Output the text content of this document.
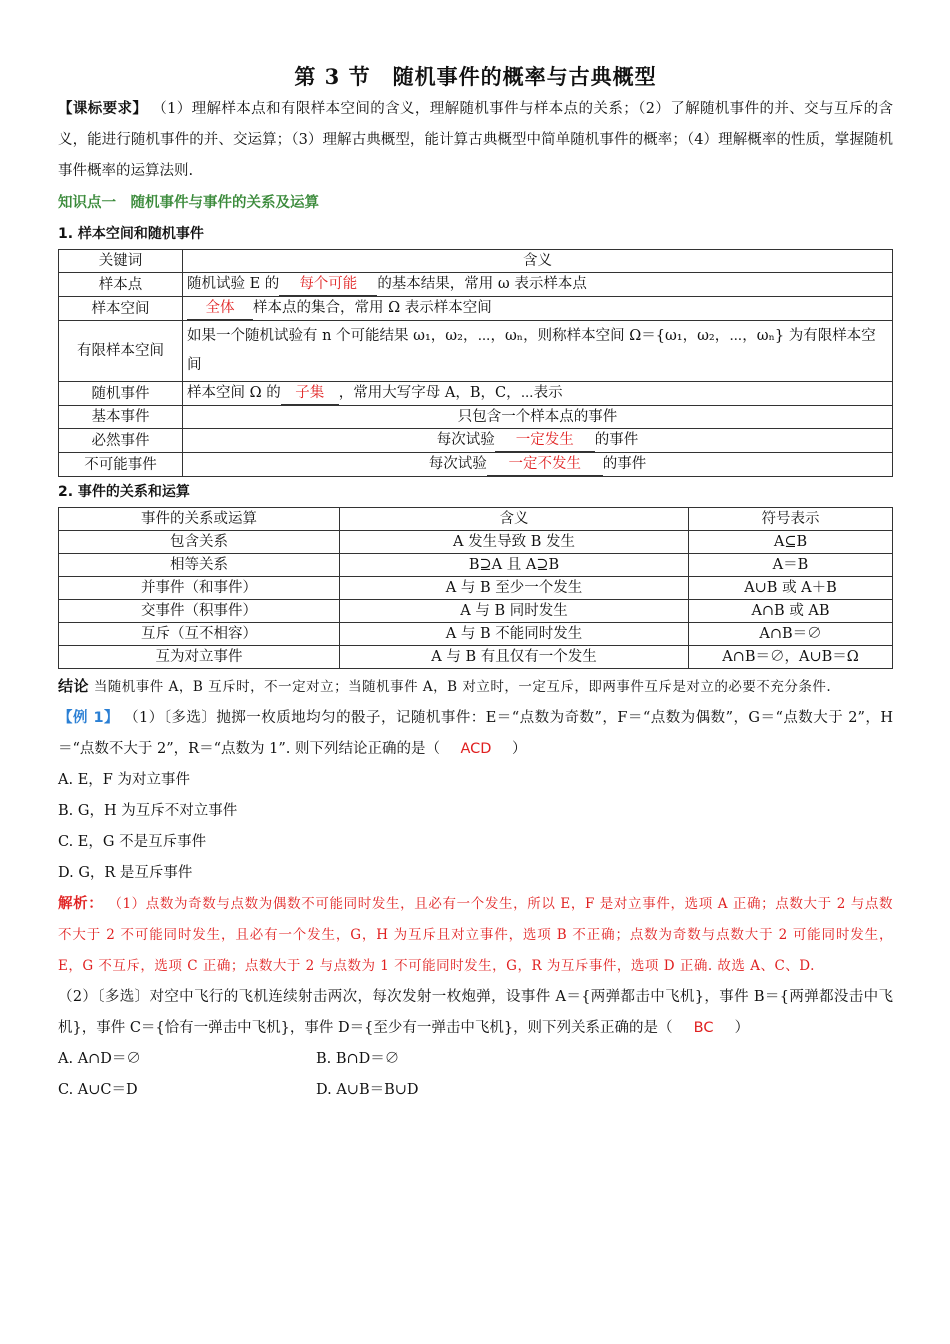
第 3 节　随机事件的概率与古典概型
【课标要求】 （1）理解样本点和有限样本空间的含义，理解随机事件与样本点的关系；（2）了解随机事件的并、交与互斥的含义，能进行随机事件的并、交运算；（3）理解古典概型，能计算古典概型中简单随机事件的概率；（4）理解概率的性质，掌握随机事件概率的运算法则.
知识点一　随机事件与事件的关系及运算
1. 样本空间和随机事件
关键词	含义
样本点	随机试验 E 的 每个可能 的基本结果，常用 ω 表示样本点
样本空间	全体 样本点的集合，常用 Ω 表示样本空间
有限样本空间	如果一个随机试验有 n 个可能结果 ω₁，ω₂，⋯，ωₙ，则称样本空间 Ω＝{ω₁，ω₂，⋯，ωₙ} 为有限样本空间
随机事件	样本空间 Ω 的 子集 ，常用大写字母 A，B，C，⋯表示
基本事件	只包含一个样本点的事件
必然事件	每次试验 一定发生 的事件
不可能事件	每次试验 一定不发生 的事件
2. 事件的关系和运算
事件的关系或运算	含义	符号表示
包含关系	A 发生导致 B 发生	A⊆B
相等关系	B⊇A 且 A⊇B	A＝B
并事件（和事件）	A 与 B 至少一个发生	A∪B 或 A＋B
交事件（积事件）	A 与 B 同时发生	A∩B 或 AB
互斥（互不相容）	A 与 B 不能同时发生	A∩B＝∅
互为对立事件	A 与 B 有且仅有一个发生	A∩B＝∅，A∪B＝Ω
结论 当随机事件 A，B 互斥时，不一定对立；当随机事件 A，B 对立时，一定互斥，即两事件互斥是对立的必要不充分条件.
【例 1】 （1）〔多选〕抛掷一枚质地均匀的骰子，记随机事件：E＝“点数为奇数”，F＝“点数为偶数”，G＝“点数大于 2”，H＝“点数不大于 2”，R＝“点数为 1”. 则下列结论正确的是（ ACD ）
A. E，F 为对立事件
B. G，H 为互斥不对立事件
C. E，G 不是互斥事件
D. G，R 是互斥事件
解析： （1）点数为奇数与点数为偶数不可能同时发生，且必有一个发生，所以 E，F 是对立事件，选项 A 正确；点数大于 2 与点数不大于 2 不可能同时发生，且必有一个发生，G，H 为互斥且对立事件，选项 B 不正确；点数为奇数与点数大于 2 可能同时发生，E，G 不互斥，选项 C 正确；点数大于 2 与点数为 1 不可能同时发生，G，R 为互斥事件，选项 D 正确. 故选 A、C、D.
（2）〔多选〕对空中飞行的飞机连续射击两次，每次发射一枚炮弹，设事件 A＝{两弹都击中飞机}，事件 B＝{两弹都没击中飞机}，事件 C＝{恰有一弹击中飞机}，事件 D＝{至少有一弹击中飞机}，则下列关系正确的是（ BC ）
A. A∩D＝∅	B. B∩D＝∅
C. A∪C＝D	D. A∪B＝B∪D
